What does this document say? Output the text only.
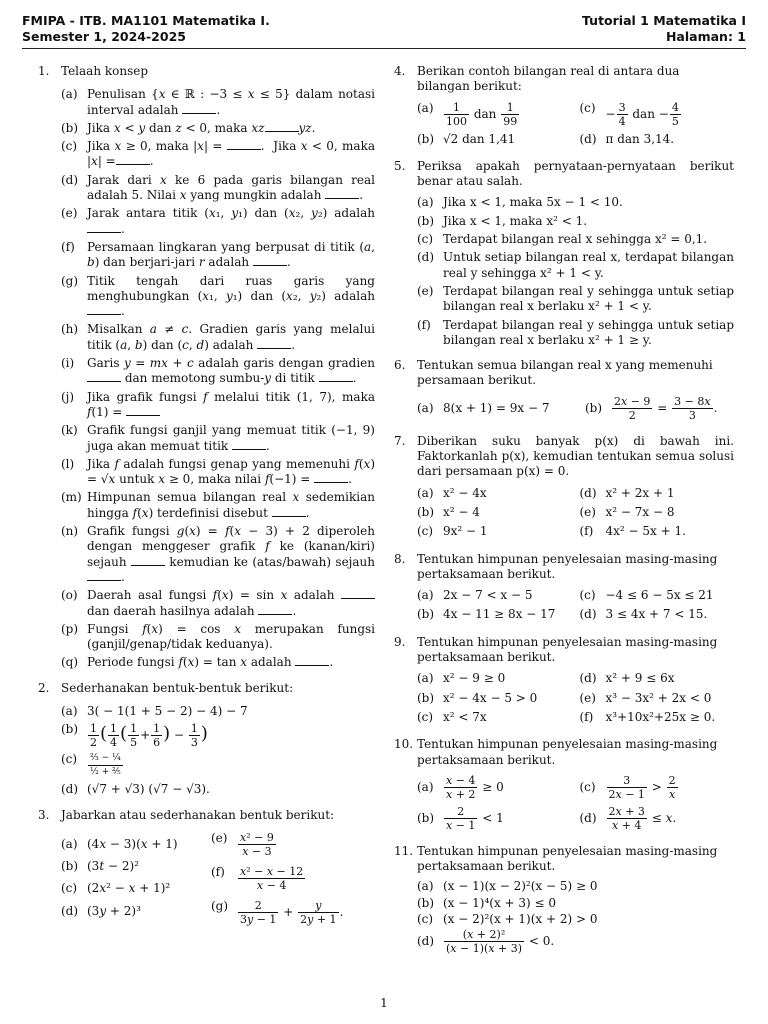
FMIPA - ITB. MA1101 Matematika I.
Semester 1, 2024-2025
Tutorial 1 Matematika I
Halaman: 1
1. Telaah konsep
(a) Penulisan {x ∈ ℝ : −3 ≤ x ≤ 5} dalam notasi interval adalah	.
(b) Jika x < y dan z < 0, maka xz	yz.
(c) Jika x ≥ 0, maka |x| =	.  Jika x < 0, maka |x| =	.
(d) Jarak dari x ke 6 pada garis bilangan real adalah 5. Nilai x yang mungkin adalah	.
(e) Jarak antara titik (x₁, y₁) dan (x₂, y₂) adalah .
(f)	Persamaan lingkaran yang berpusat di titik (a, b) dan berjari-jari r adalah	.
(g) Titik tengah dari ruas garis yang menghubungkan (x₁, y₁) dan (x₂, y₂) adalah .
(h) Misalkan a ≠ c. Gradien garis yang melalui titik (a, b) dan (c, d) adalah	.
(i)	Garis y = mx + c adalah garis dengan gradien  dan memotong sumbu-y di titik	.
(j)	Jika grafik fungsi f melalui titik (1, 7), maka f(1) =
(k) Grafik fungsi ganjil yang memuat titik (−1, 9) juga akan memuat titik	.
(l)	Jika f adalah fungsi genap yang memenuhi f(x) = √x untuk x ≥ 0, maka nilai f(−1) =	.
(m) Himpunan semua bilangan real x sedemikian hingga f(x) terdefinisi disebut	.
(n) Grafik fungsi g(x) = f(x − 3) + 2 diperoleh dengan menggeser grafik f ke (kanan/kiri) sejauh	kemudian ke (atas/bawah) sejauh .
(o) Daerah asal fungsi f(x) = sin x adalah  dan daerah hasilnya adalah	.
(p) Fungsi f(x) = cos x merupakan fungsi (ganjil/genap/tidak keduanya).
(q) Periode fungsi f(x) = tan x adalah	.
2. Sederhanakan bentuk-bentuk berikut:
(a) 3( − 1(1 + 5 − 2) − 4) − 7
$(b) \frac{1}{2}$ ( $\frac{1}{4}$ ( $\frac{1}{5} + \frac{1}{6}$ ) − $\frac{1}{3}$ )
(c)	$\frac{\text{⅔ − ¼}}{\text{½ + ⅖}}$
(d) (√7 + √3) (√7 − √3).
3. Jabarkan atau sederhanakan bentuk berikut:
(a) (4x − 3)(x + 1)
(b) (3t − 2)²
(c) (2x² − x + 1)²
(d) (3y + 2)³
$(e) \frac{\text{x² − 9}}{x - 3}$
(f)	$\frac{\text{x² − x − 12}}{x - 4}$
$(g) \frac{2}{3y - 1} + \frac{y}{2y + 1}$ .
4. Berikan contoh bilangan real di antara dua bilangan berikut:
$(a) \frac{1}{100}$ dan $\frac{1}{99}$	$(c) - \frac{3}{4}$ dan − $\frac{4}{5}$
(b) √2 dan 1,41	(d) π dan 3,14.
5. Periksa apakah pernyataan-pernyataan berikut benar atau salah.
(a) Jika x < 1, maka 5x − 1 < 10.
(b) Jika x < 1, maka x² < 1.
(c) Terdapat bilangan real x sehingga x² = 0,1.
(d) Untuk setiap bilangan real x, terdapat bilangan real y sehingga x² + 1 < y.
(e) Terdapat bilangan real y sehingga untuk setiap bilangan real x berlaku x² + 1 < y.
(f)	Terdapat bilangan real y sehingga untuk setiap bilangan real x berlaku x² + 1 ≥ y.
6. Tentukan semua bilangan real x yang memenuhi persamaan berikut.
(a) 8(x + 1) = 9x − 7	$(b) \frac{2x - 9}{2} = \frac{3 - 8x}{3}$ .
7. Diberikan suku banyak p(x) di bawah ini. Faktorkanlah p(x), kemudian tentukan semua solusi dari persamaan p(x) = 0.
(a) x² − 4x	(d) x² + 2x + 1
(b) x² − 4	(e) x² − 7x − 8
(c) 9x² − 1	(f)	4x² − 5x + 1.
8. Tentukan himpunan penyelesaian masing-masing pertaksamaan berikut.
(a) 2x − 7 < x − 5	(c) −4 ≤ 6 − 5x ≤ 21
(b) 4x − 11 ≥ 8x − 17	(d) 3 ≤ 4x + 7 < 15.
9. Tentukan himpunan penyelesaian masing-masing pertaksamaan berikut.
(a) x² − 9 ≥ 0	(d) x² + 9 ≤ 6x
(b) x² − 4x − 5 > 0	(e) x³ − 3x² + 2x < 0
(c) x² < 7x	(f)	x³+10x²+25x ≥ 0.
10. Tentukan himpunan penyelesaian masing-masing pertaksamaan berikut.
$(a) \frac{x - 4}{x + 2} \ge 0$	$(c) \frac{3}{2x - 1} > \frac{2}{x}$
$(b) \frac{2}{x - 1} < 1$	$(d) \frac{2x + 3}{x + 4} \le x$.
11. Tentukan himpunan penyelesaian masing-masing pertaksamaan berikut.
(a) (x − 1)(x − 2)²(x − 5) ≥ 0
(b) (x − 1)⁴(x + 3) ≤ 0
(c) (x − 2)²(x + 1)(x + 2) > 0
$(d) \frac{\text{(x + 2)²}}{(x - 1)(x + 3)} < 0$.
1
